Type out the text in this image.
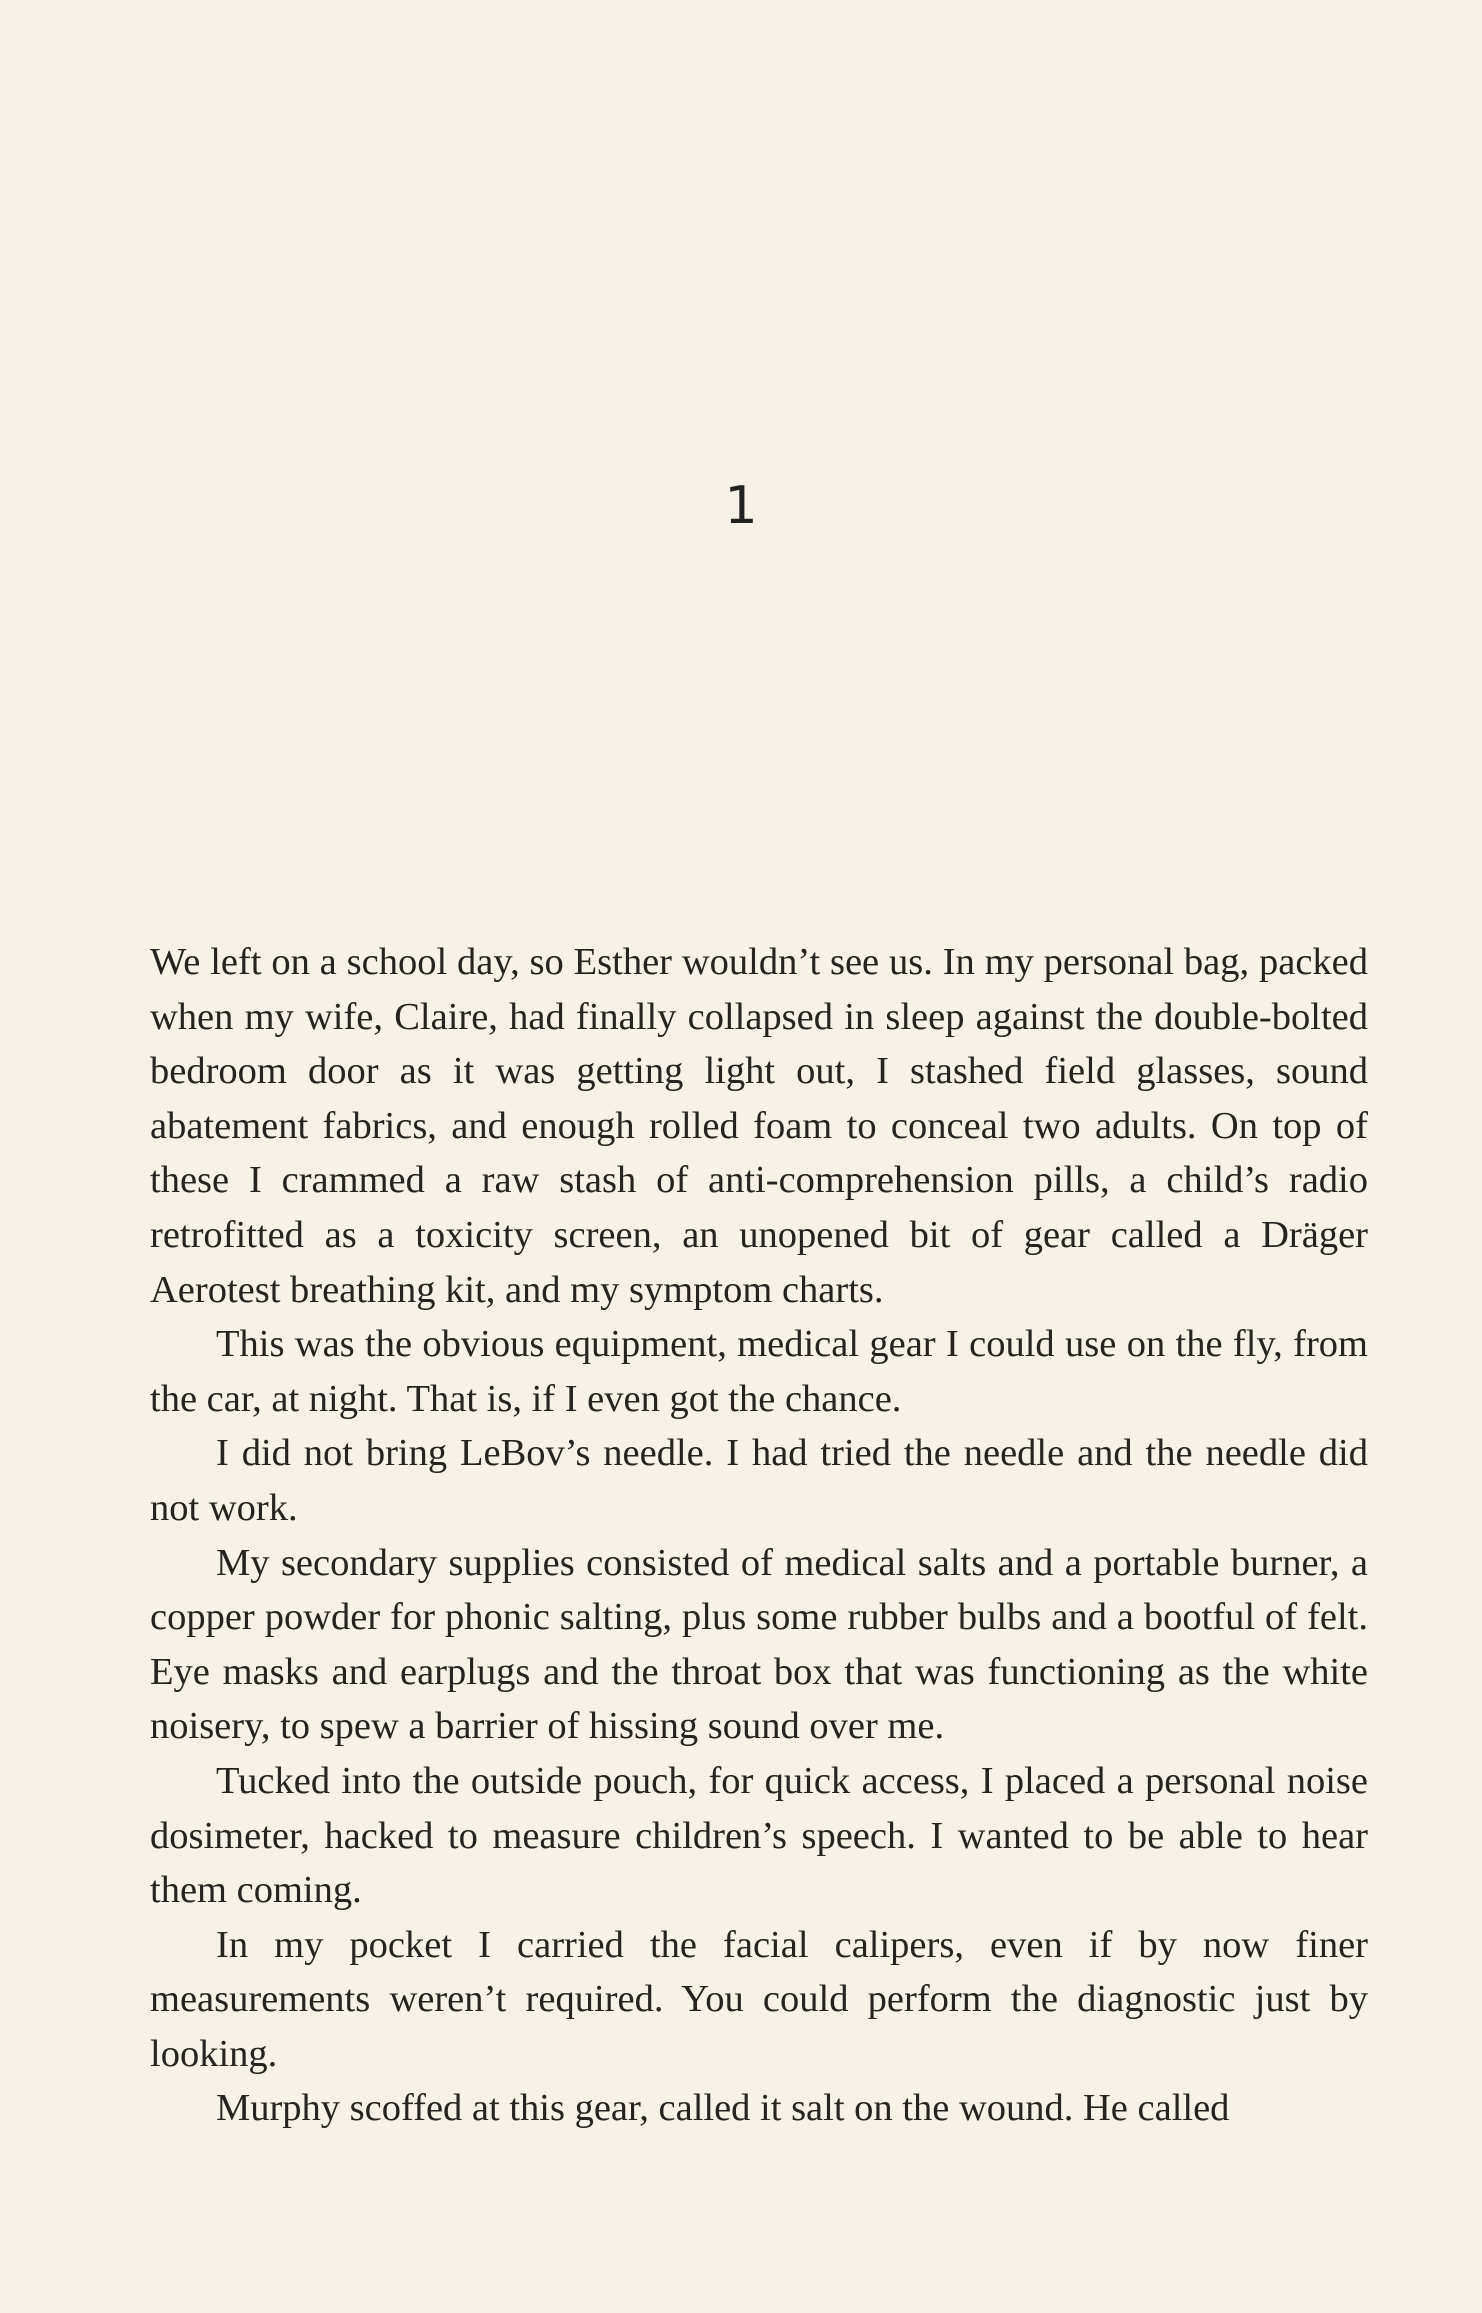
1

We left on a school day, so Esther wouldn’t see us. In my personal bag, packed when my wife, Claire, had finally collapsed in sleep against the double-bolted bedroom door as it was getting light out, I stashed field glasses, sound abatement fabrics, and enough rolled foam to conceal two adults. On top of these I crammed a raw stash of anti-comprehension pills, a child’s radio retrofitted as a toxicity screen, an unopened bit of gear called a Dräger Aerotest breathing kit, and my symptom charts.

This was the obvious equipment, medical gear I could use on the fly, from the car, at night. That is, if I even got the chance.

I did not bring LeBov’s needle. I had tried the needle and the needle did not work.

My secondary supplies consisted of medical salts and a portable burner, a copper powder for phonic salting, plus some rubber bulbs and a bootful of felt. Eye masks and earplugs and the throat box that was functioning as the white noisery, to spew a barrier of hissing sound over me.

Tucked into the outside pouch, for quick access, I placed a personal noise dosimeter, hacked to measure children’s speech. I wanted to be able to hear them coming.

In my pocket I carried the facial calipers, even if by now finer measurements weren’t required. You could perform the diagnostic just by looking.

Murphy scoffed at this gear, called it salt on the wound. He called
